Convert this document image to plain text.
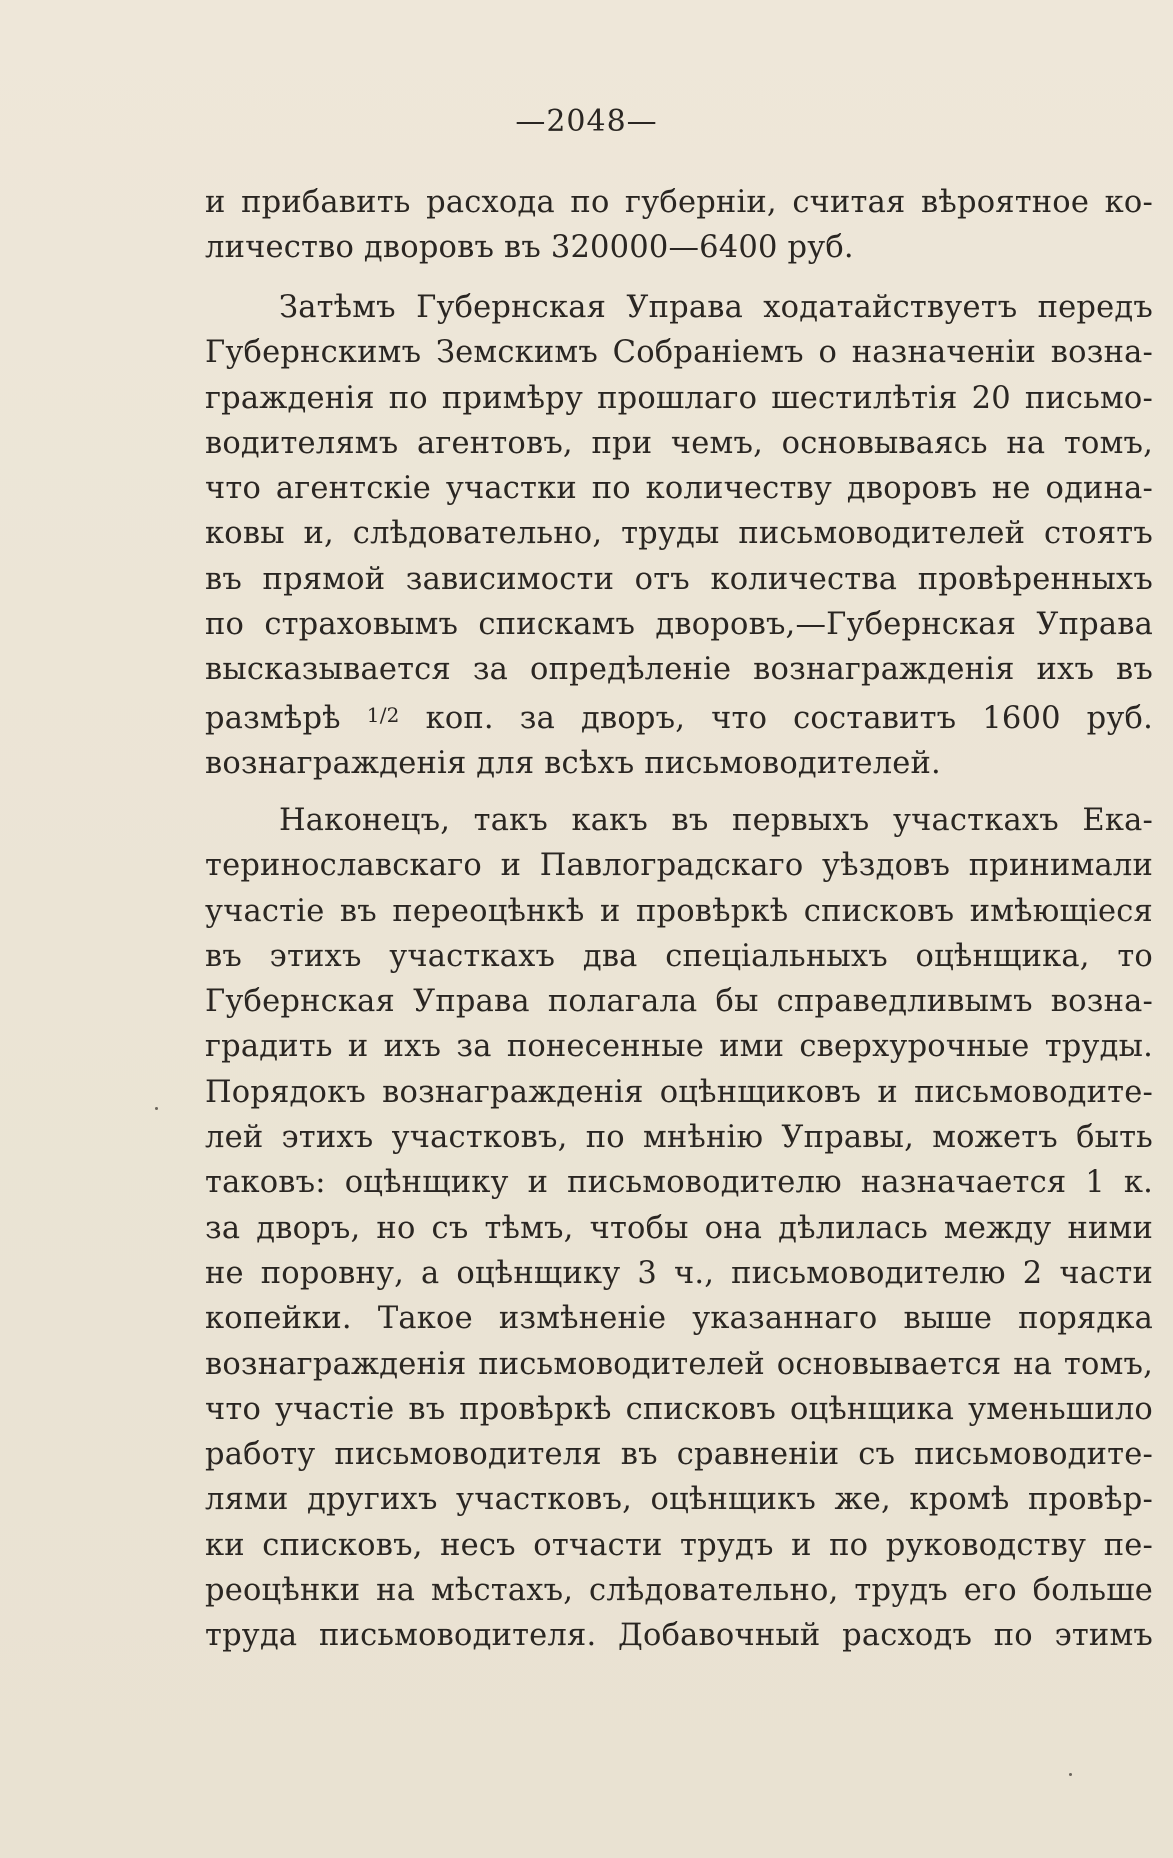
—2048—
и прибавить расхода по губерніи, считая вѣроятное ко-
личество дворовъ въ 320000—6400 руб.
Затѣмъ Губернская Управа ходатайствуетъ передъ
Губернскимъ Земскимъ Собраніемъ о назначеніи возна-
гражденія по примѣру прошлаго шестилѣтія 20 письмо-
водителямъ агентовъ, при чемъ, основываясь на томъ,
что агентскіе участки по количеству дворовъ не одина-
ковы и, слѣдовательно, труды письмоводителей стоятъ
въ прямой зависимости отъ количества провѣренныхъ
по страховымъ спискамъ дворовъ,—Губернская Управа
высказывается за опредѣленіе вознагражденія ихъ въ
размѣрѣ 1/2 коп. за дворъ, что составитъ 1600 руб.
вознагражденія для всѣхъ письмоводителей.
Наконецъ, такъ какъ въ первыхъ участкахъ Ека-
теринославскаго и Павлоградскаго уѣздовъ принимали
участіе въ переоцѣнкѣ и провѣркѣ списковъ имѣющіеся
въ этихъ участкахъ два спеціальныхъ оцѣнщика, то
Губернская Управа полагала бы справедливымъ возна-
градить и ихъ за понесенные ими сверхурочные труды.
Порядокъ вознагражденія оцѣнщиковъ и письмоводите-
лей этихъ участковъ, по мнѣнію Управы, можетъ быть
таковъ: оцѣнщику и письмоводителю назначается 1 к.
за дворъ, но съ тѣмъ, чтобы она дѣлилась между ними
не поровну, а оцѣнщику 3 ч., письмоводителю 2 части
копейки. Такое измѣненіе указаннаго выше порядка
вознагражденія письмоводителей основывается на томъ,
что участіе въ провѣркѣ списковъ оцѣнщика уменьшило
работу письмоводителя въ сравненіи съ письмоводите-
лями другихъ участковъ, оцѣнщикъ же, кромѣ провѣр-
ки списковъ, несъ отчасти трудъ и по руководству пе-
реоцѣнки на мѣстахъ, слѣдовательно, трудъ его больше
труда письмоводителя. Добавочный расходъ по этимъ
